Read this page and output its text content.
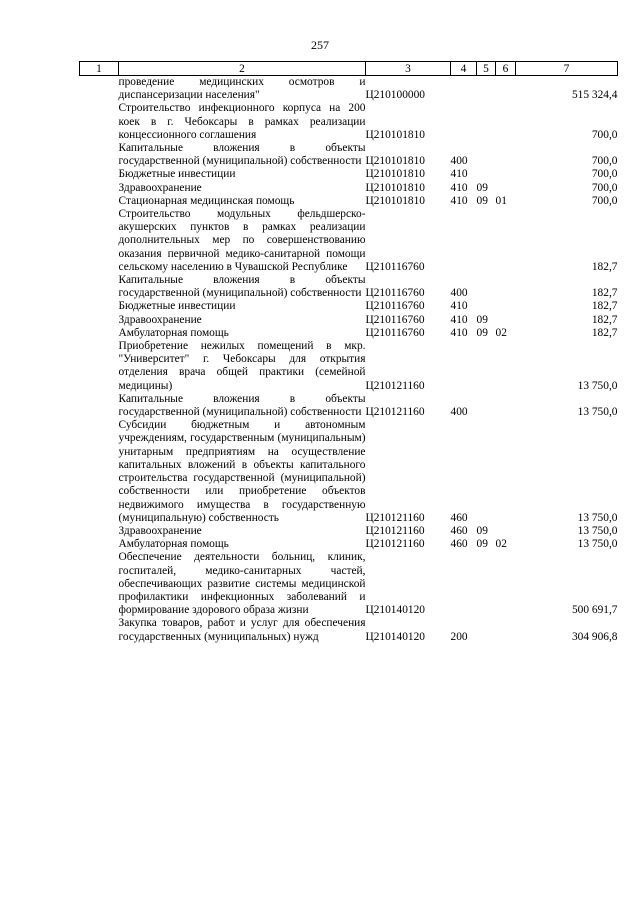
257
1	2	3	4	5	6	7
	проведение медицинских осмотров и диспансеризации населения"	Ц210100000				515 324,4
	Строительство инфекционного корпуса на 200 коек в г. Чебоксары в рамках реализации концессионного соглашения	Ц210101810				700,0
	Капитальные вложения в объекты государственной (муниципальной) собственности	Ц210101810	400			700,0
	Бюджетные инвестиции	Ц210101810	410			700,0
	Здравоохранение	Ц210101810	410	09		700,0
	Стационарная медицинская помощь	Ц210101810	410	09	01	700,0
	Строительство модульных фельдшерско-акушерских пунктов в рамках реализации дополнительных мер по совершенствованию оказания первичной медико-санитарной помощи сельскому населению в Чувашской Республике	Ц210116760				182,7
	Капитальные вложения в объекты государственной (муниципальной) собственности	Ц210116760	400			182,7
	Бюджетные инвестиции	Ц210116760	410			182,7
	Здравоохранение	Ц210116760	410	09		182,7
	Амбулаторная помощь	Ц210116760	410	09	02	182,7
	Приобретение нежилых помещений в мкр. "Университет" г. Чебоксары для открытия отделения врача общей практики (семейной медицины)	Ц210121160				13 750,0
	Капитальные вложения в объекты государственной (муниципальной) собственности	Ц210121160	400			13 750,0
	Субсидии бюджетным и автономным учреждениям, государственным (муниципальным) унитарным предприятиям на осуществление капитальных вложений в объекты капитального строительства государственной (муниципальной) собственности или приобретение объектов недвижимого имущества в государственную (муниципальную) собственность	Ц210121160	460			13 750,0
	Здравоохранение	Ц210121160	460	09		13 750,0
	Амбулаторная помощь	Ц210121160	460	09	02	13 750,0
	Обеспечение деятельности больниц, клиник, госпиталей, медико-санитарных частей, обеспечивающих развитие системы медицинской профилактики инфекционных заболеваний и формирование здорового образа жизни	Ц210140120				500 691,7
	Закупка товаров, работ и услуг для обеспечения государственных (муниципальных) нужд	Ц210140120	200			304 906,8
